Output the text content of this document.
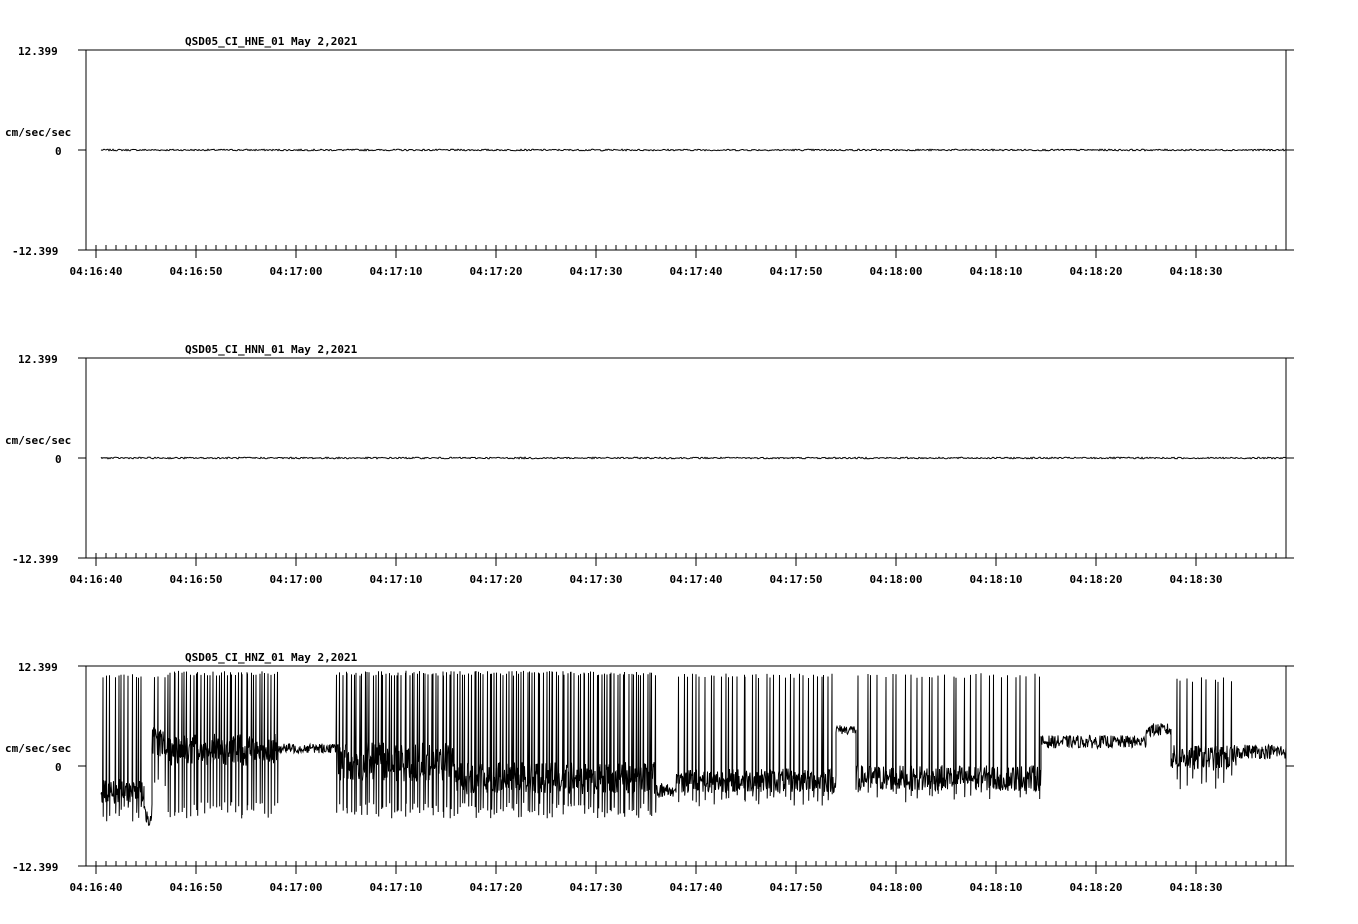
QSD05_CI_HNE_01 May 2,2021
12.399
cm/sec/sec
0
-12.399
04:16:40	04:16:50	04:17:00	04:17:10	04:17:20	04:17:30	04:17:40	04:17:50	04:18:00	04:18:10	04:18:20	04:18:30
QSD05_CI_HNN_01 May 2,2021
12.399
cm/sec/sec
0
-12.399
04:16:40	04:16:50	04:17:00	04:17:10	04:17:20	04:17:30	04:17:40	04:17:50	04:18:00	04:18:10	04:18:20	04:18:30
QSD05_CI_HNZ_01 May 2,2021
12.399
cm/sec/sec
0
-12.399
04:16:40	04:16:50	04:17:00	04:17:10	04:17:20	04:17:30	04:17:40	04:17:50	04:18:00	04:18:10	04:18:20	04:18:30
